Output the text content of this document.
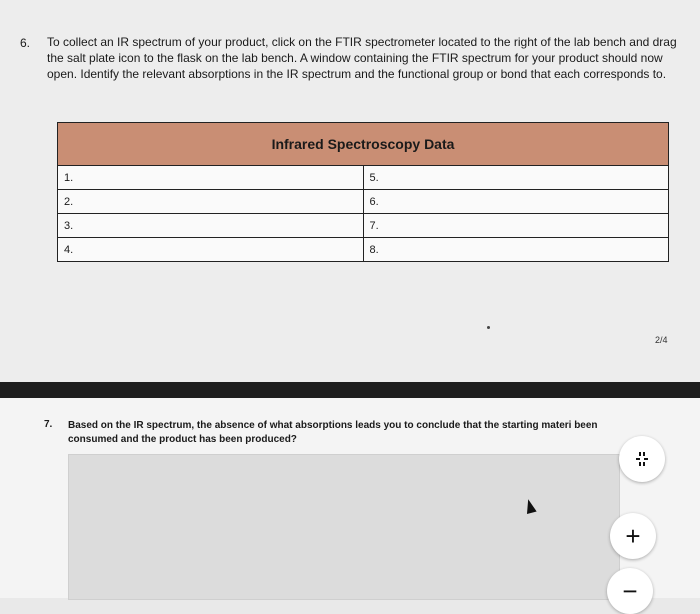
6. To collect an IR spectrum of your product, click on the FTIR spectrometer located to the right of the lab bench and drag the salt plate icon to the flask on the lab bench. A window containing the FTIR spectrum for your product should now open. Identify the relevant absorptions in the IR spectrum and the functional group or bond that each corresponds to.

Infrared Spectroscopy Data	
1.	5.
2.	6.
3.	7.
4.	8.
2/4
7. Based on the IR spectrum, the absence of what absorptions leads you to conclude that the starting materi been consumed and the product has been produced?

+
−
